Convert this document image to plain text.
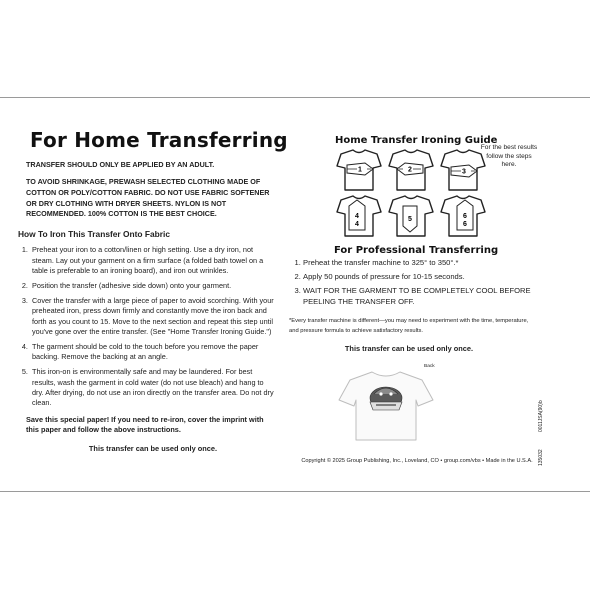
For Home Transferring
TRANSFER SHOULD ONLY BE APPLIED BY AN ADULT.
TO AVOID SHRINKAGE, PREWASH SELECTED CLOTHING MADE OF COTTON OR POLY/COTTON FABRIC. DO NOT USE FABRIC SOFTENER OR DRY CLOTHING WITH DRYER SHEETS. NYLON IS NOT RECOMMENDED. 100% COTTON IS THE BEST CHOICE.
How To Iron This Transfer Onto Fabric
1. Preheat your iron to a cotton/linen or high setting. Use a dry iron, not steam. Lay out your garment on a firm surface (a folded bath towel on a table is preferable to an ironing board), and iron out wrinkles.
2. Position the transfer (adhesive side down) onto your garment.
3. Cover the transfer with a large piece of paper to avoid scorching. With your preheated iron, press down firmly and constantly move the iron back and forth as you count to 15. Move to the next section and repeat this step until you've gone over the entire transfer. (See "Home Transfer Ironing Guide.")
4. The garment should be cold to the touch before you remove the paper backing. Remove the backing at an angle.
5. This iron-on is environmentally safe and may be laundered. For best results, wash the garment in cold water (do not use bleach) and hang to dry. After drying, do not use an iron directly on the transfer area. Do not dry clean.
Save this special paper! If you need to re-iron, cover the imprint with this paper and follow the above instructions.
This transfer can be used only once.
Home Transfer Ironing Guide
For the best results follow the steps here.
1	2	3
4
4
5	6
6
For Professional Transferring
1. Preheat the transfer machine to 325° to 350°.*
2. Apply 50 pounds of pressure for 10-15 seconds.
3. WAIT FOR THE GARMENT TO BE COMPLETELY COOL BEFORE PEELING THE TRANSFER OFF.
*Every transfer machine is different—you may need to experiment with the time, temperature, and pressure formula to achieve satisfactory results.
This transfer can be used only once.
Back
Copyright © 2025 Group Publishing, Inc., Loveland, CO • group.com/vbs • Made in the U.S.A.
0011JSA(90)b
135032
